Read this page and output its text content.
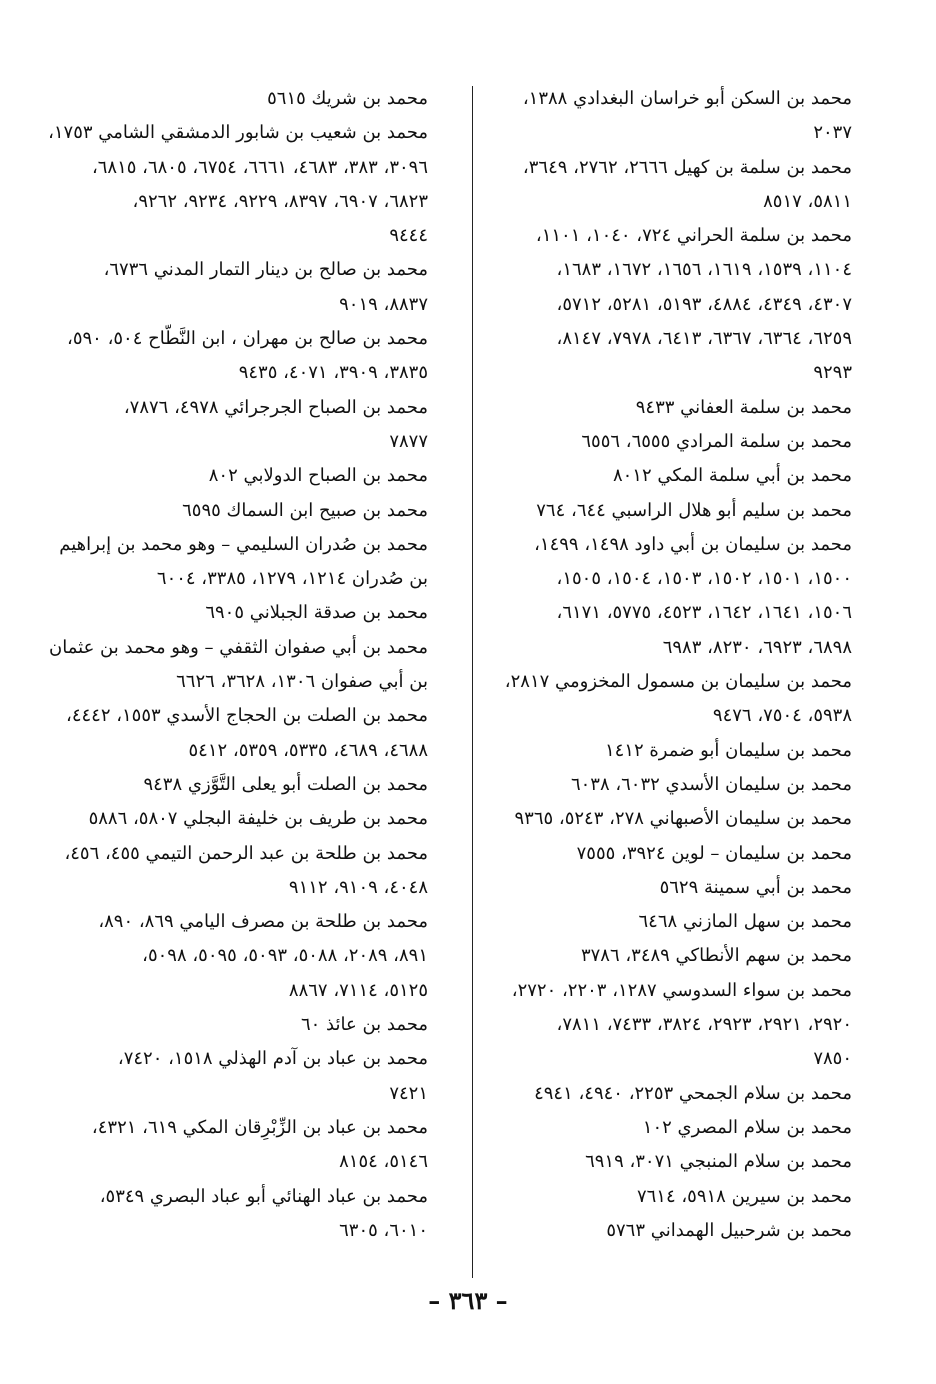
محمد بن السكن أبو خراسان البغدادي ١٣٨٨،
٢٠٣٧
محمد بن سلمة بن كهيل ٢٦٦٦، ٢٧٦٢، ٣٦٤٩،
٥٨١١، ٨٥١٧
محمد بن سلمة الحراني ٧٢٤، ١٠٤٠، ١١٠١،
١١٠٤، ١٥٣٩، ١٦١٩، ١٦٥٦، ١٦٧٢، ١٦٨٣،
٤٣٠٧، ٤٣٤٩، ٤٨٨٤، ٥١٩٣، ٥٢٨١، ٥٧١٢،
٦٢٥٩، ٦٣٦٤، ٦٣٦٧، ٦٤١٣، ٧٩٧٨، ٨١٤٧،
٩٢٩٣
محمد بن سلمة العفاني ٩٤٣٣
محمد بن سلمة المرادي ٦٥٥٥، ٦٥٥٦
محمد بن أبي سلمة المكي ٨٠١٢
محمد بن سليم أبو هلال الراسبي ٦٤٤، ٧٦٤
محمد بن سليمان بن أبي داود ١٤٩٨، ١٤٩٩،
١٥٠٠، ١٥٠١، ١٥٠٢، ١٥٠٣، ١٥٠٤، ١٥٠٥،
١٥٠٦، ١٦٤١، ١٦٤٢، ٤٥٢٣، ٥٧٧٥، ٦١٧١،
٦٨٩٨، ٦٩٢٣، ٨٢٣٠، ٦٩٨٣
محمد بن سليمان بن مسمول المخزومي ٢٨١٧،
٥٩٣٨، ٧٥٠٤، ٩٤٧٦
محمد بن سليمان أبو ضمرة ١٤١٢
محمد بن سليمان الأسدي ٦٠٣٢، ٦٠٣٨
محمد بن سليمان الأصبهاني ٢٧٨، ٥٢٤٣، ٩٣٦٥
محمد بن سليمان – لوين ٣٩٢٤، ٧٥٥٥
محمد بن أبي سمينة ٥٦٢٩
محمد بن سهل المازني ٦٤٦٨
محمد بن سهم الأنطاكي ٣٤٨٩، ٣٧٨٦
محمد بن سواء السدوسي ١٢٨٧، ٢٢٠٣، ٢٧٢٠،
٢٩٢٠، ٢٩٢١، ٢٩٢٣، ٣٨٢٤، ٧٤٣٣، ٧٨١١،
٧٨٥٠
محمد بن سلام الجمحي ٢٢٥٣، ٤٩٤٠، ٤٩٤١
محمد بن سلام المصري ١٠٢
محمد بن سلام المنبجي ٣٠٧١، ٦٩١٩
محمد بن سيرين ٥٩١٨، ٧٦١٤
محمد بن شرحبيل الهمداني ٥٧٦٣
محمد بن شريك ٥٦١٥
محمد بن شعيب بن شابور الدمشقي الشامي ١٧٥٣،
٣٠٩٦، ٣٨٣، ٤٦٨٣، ٦٦٦١، ٦٧٥٤، ٦٨٠٥، ٦٨١٥،
٦٨٢٣، ٦٩٠٧، ٨٣٩٧، ٩٢٢٩، ٩٢٣٤، ٩٢٦٢،
٩٤٤٤
محمد بن صالح بن دينار التمار المدني ٦٧٣٦،
٨٨٣٧، ٩٠١٩
محمد بن صالح بن مهران ، ابن النَّطّاح ٥٠٤، ٥٩٠،
٣٨٣٥، ٣٩٠٩، ٤٠٧١، ٩٤٣٥
محمد بن الصباح الجرجرائي ٤٩٧٨، ٧٨٧٦،
٧٨٧٧
محمد بن الصباح الدولابي ٨٠٢
محمد بن صبيح ابن السماك ٦٥٩٥
محمد بن صُدران السليمي – وهو محمد بن إبراهيم
بن صُدران ١٢١٤، ١٢٧٩، ٣٣٨٥، ٦٠٠٤
محمد بن صدقة الجبلاني ٦٩٠٥
محمد بن أبي صفوان الثقفي – وهو محمد بن عثمان
بن أبي صفوان ١٣٠٦، ٣٦٢٨، ٦٦٢٦
محمد بن الصلت بن الحجاج الأسدي ١٥٥٣، ٤٤٤٢،
٤٦٨٨، ٤٦٨٩، ٥٣٣٥، ٥٣٥٩، ٥٤١٢
محمد بن الصلت أبو يعلى التَّوَّزي ٩٤٣٨
محمد بن طريف بن خليفة البجلي ٥٨٠٧، ٥٨٨٦
محمد بن طلحة بن عبد الرحمن التيمي ٤٥٥، ٤٥٦،
٤٠٤٨، ٩١٠٩، ٩١١٢
محمد بن طلحة بن مصرف اليامي ٨٦٩، ٨٩٠،
٨٩١، ٢٠٨٩، ٥٠٨٨، ٥٠٩٣، ٥٠٩٥، ٥٠٩٨،
٥١٢٥، ٧١١٤، ٨٨٦٧
محمد بن عائذ ٦٠
محمد بن عباد بن آدم الهذلي ١٥١٨، ٧٤٢٠،
٧٤٢١
محمد بن عباد بن الزِّبْرِقان المكي ٦١٩، ٤٣٢١،
٥١٤٦، ٨١٥٤
محمد بن عباد الهنائي أبو عباد البصري ٥٣٤٩،
٦٠١٠، ٦٣٠٥
– ٣٦٣ –
